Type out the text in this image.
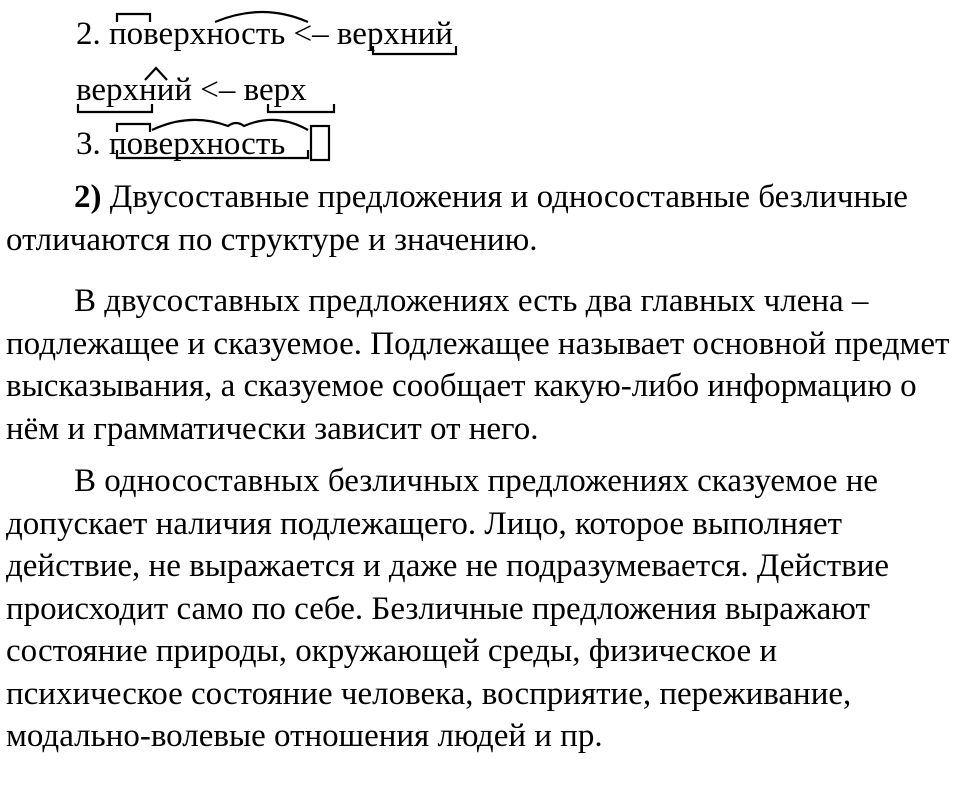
2. поверхность <– верхний
верхний <– верх
3. поверхность

2) Двусоставные предложения и односоставные безличные отличаются по структуре и значению.

В двусоставных предложениях есть два главных члена – подлежащее и сказуемое. Подлежащее называет основной предмет высказывания, а сказуемое сообщает какую-либо информацию о нём и грамматически зависит от него.

В односоставных безличных предложениях сказуемое не допускает наличия подлежащего. Лицо, которое выполняет действие, не выражается и даже не подразумевается. Действие происходит само по себе. Безличные предложения выражают состояние природы, окружающей среды, физическое и психическое состояние человека, восприятие, переживание, модально-волевые отношения людей и пр.
